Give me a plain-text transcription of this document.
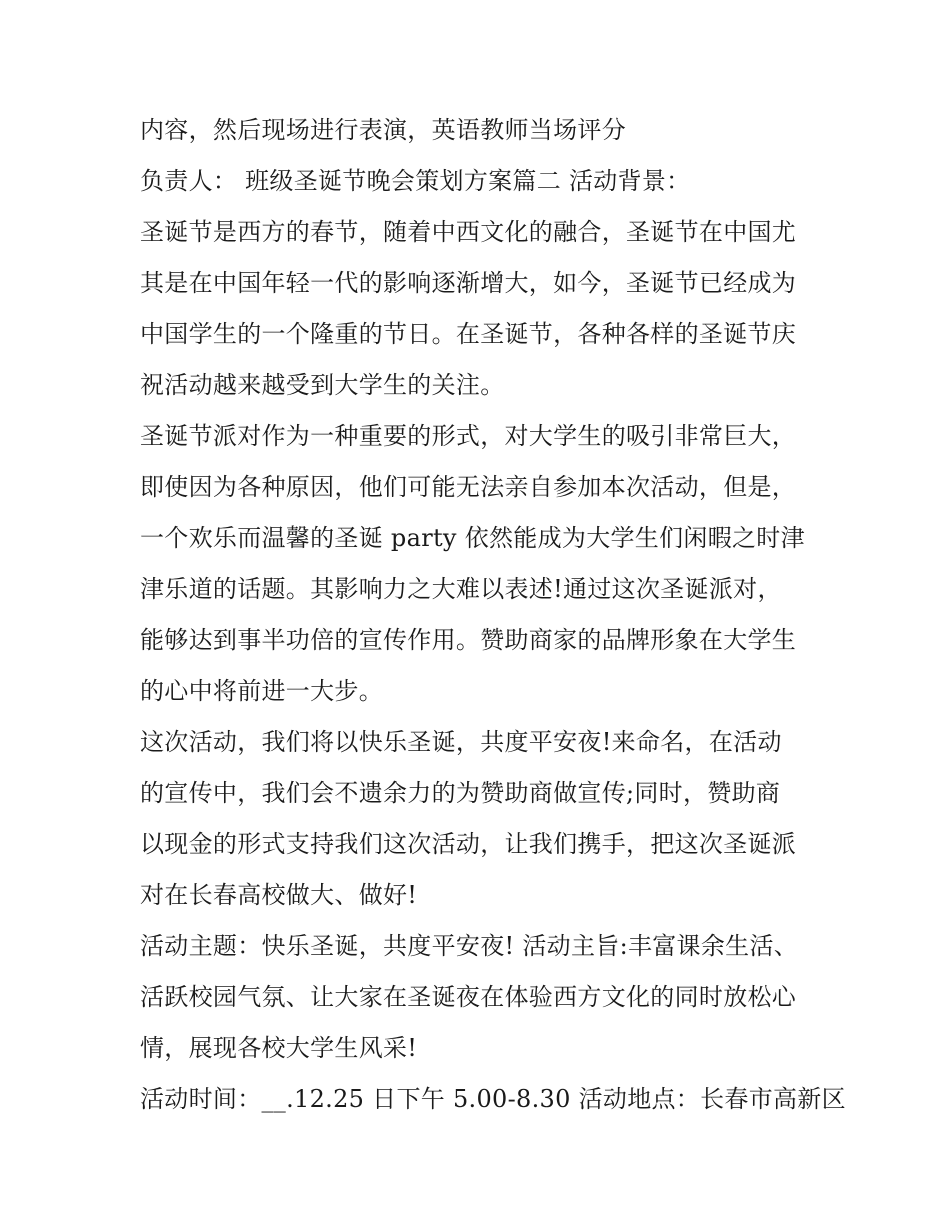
内容，然后现场进行表演，英语教师当场评分
负责人： 班级圣诞节晚会策划方案篇二 活动背景：
圣诞节是西方的春节，随着中西文化的融合，圣诞节在中国尤
其是在中国年轻一代的影响逐渐增大，如今，圣诞节已经成为
中国学生的一个隆重的节日。在圣诞节，各种各样的圣诞节庆
祝活动越来越受到大学生的关注。
圣诞节派对作为一种重要的形式，对大学生的吸引非常巨大，
即使因为各种原因，他们可能无法亲自参加本次活动，但是，
一个欢乐而温馨的圣诞 party 依然能成为大学生们闲暇之时津
津乐道的话题。其影响力之大难以表述!通过这次圣诞派对，
能够达到事半功倍的宣传作用。赞助商家的品牌形象在大学生
的心中将前进一大步。
这次活动，我们将以快乐圣诞，共度平安夜!来命名，在活动
的宣传中，我们会不遗余力的为赞助商做宣传;同时，赞助商
以现金的形式支持我们这次活动，让我们携手，把这次圣诞派
对在长春高校做大、做好!
活动主题：快乐圣诞，共度平安夜! 活动主旨:丰富课余生活、
活跃校园气氛、让大家在圣诞夜在体验西方文化的同时放松心
情，展现各校大学生风采!
活动时间：__.12.25 日下午 5.00-8.30 活动地点：长春市高新区
